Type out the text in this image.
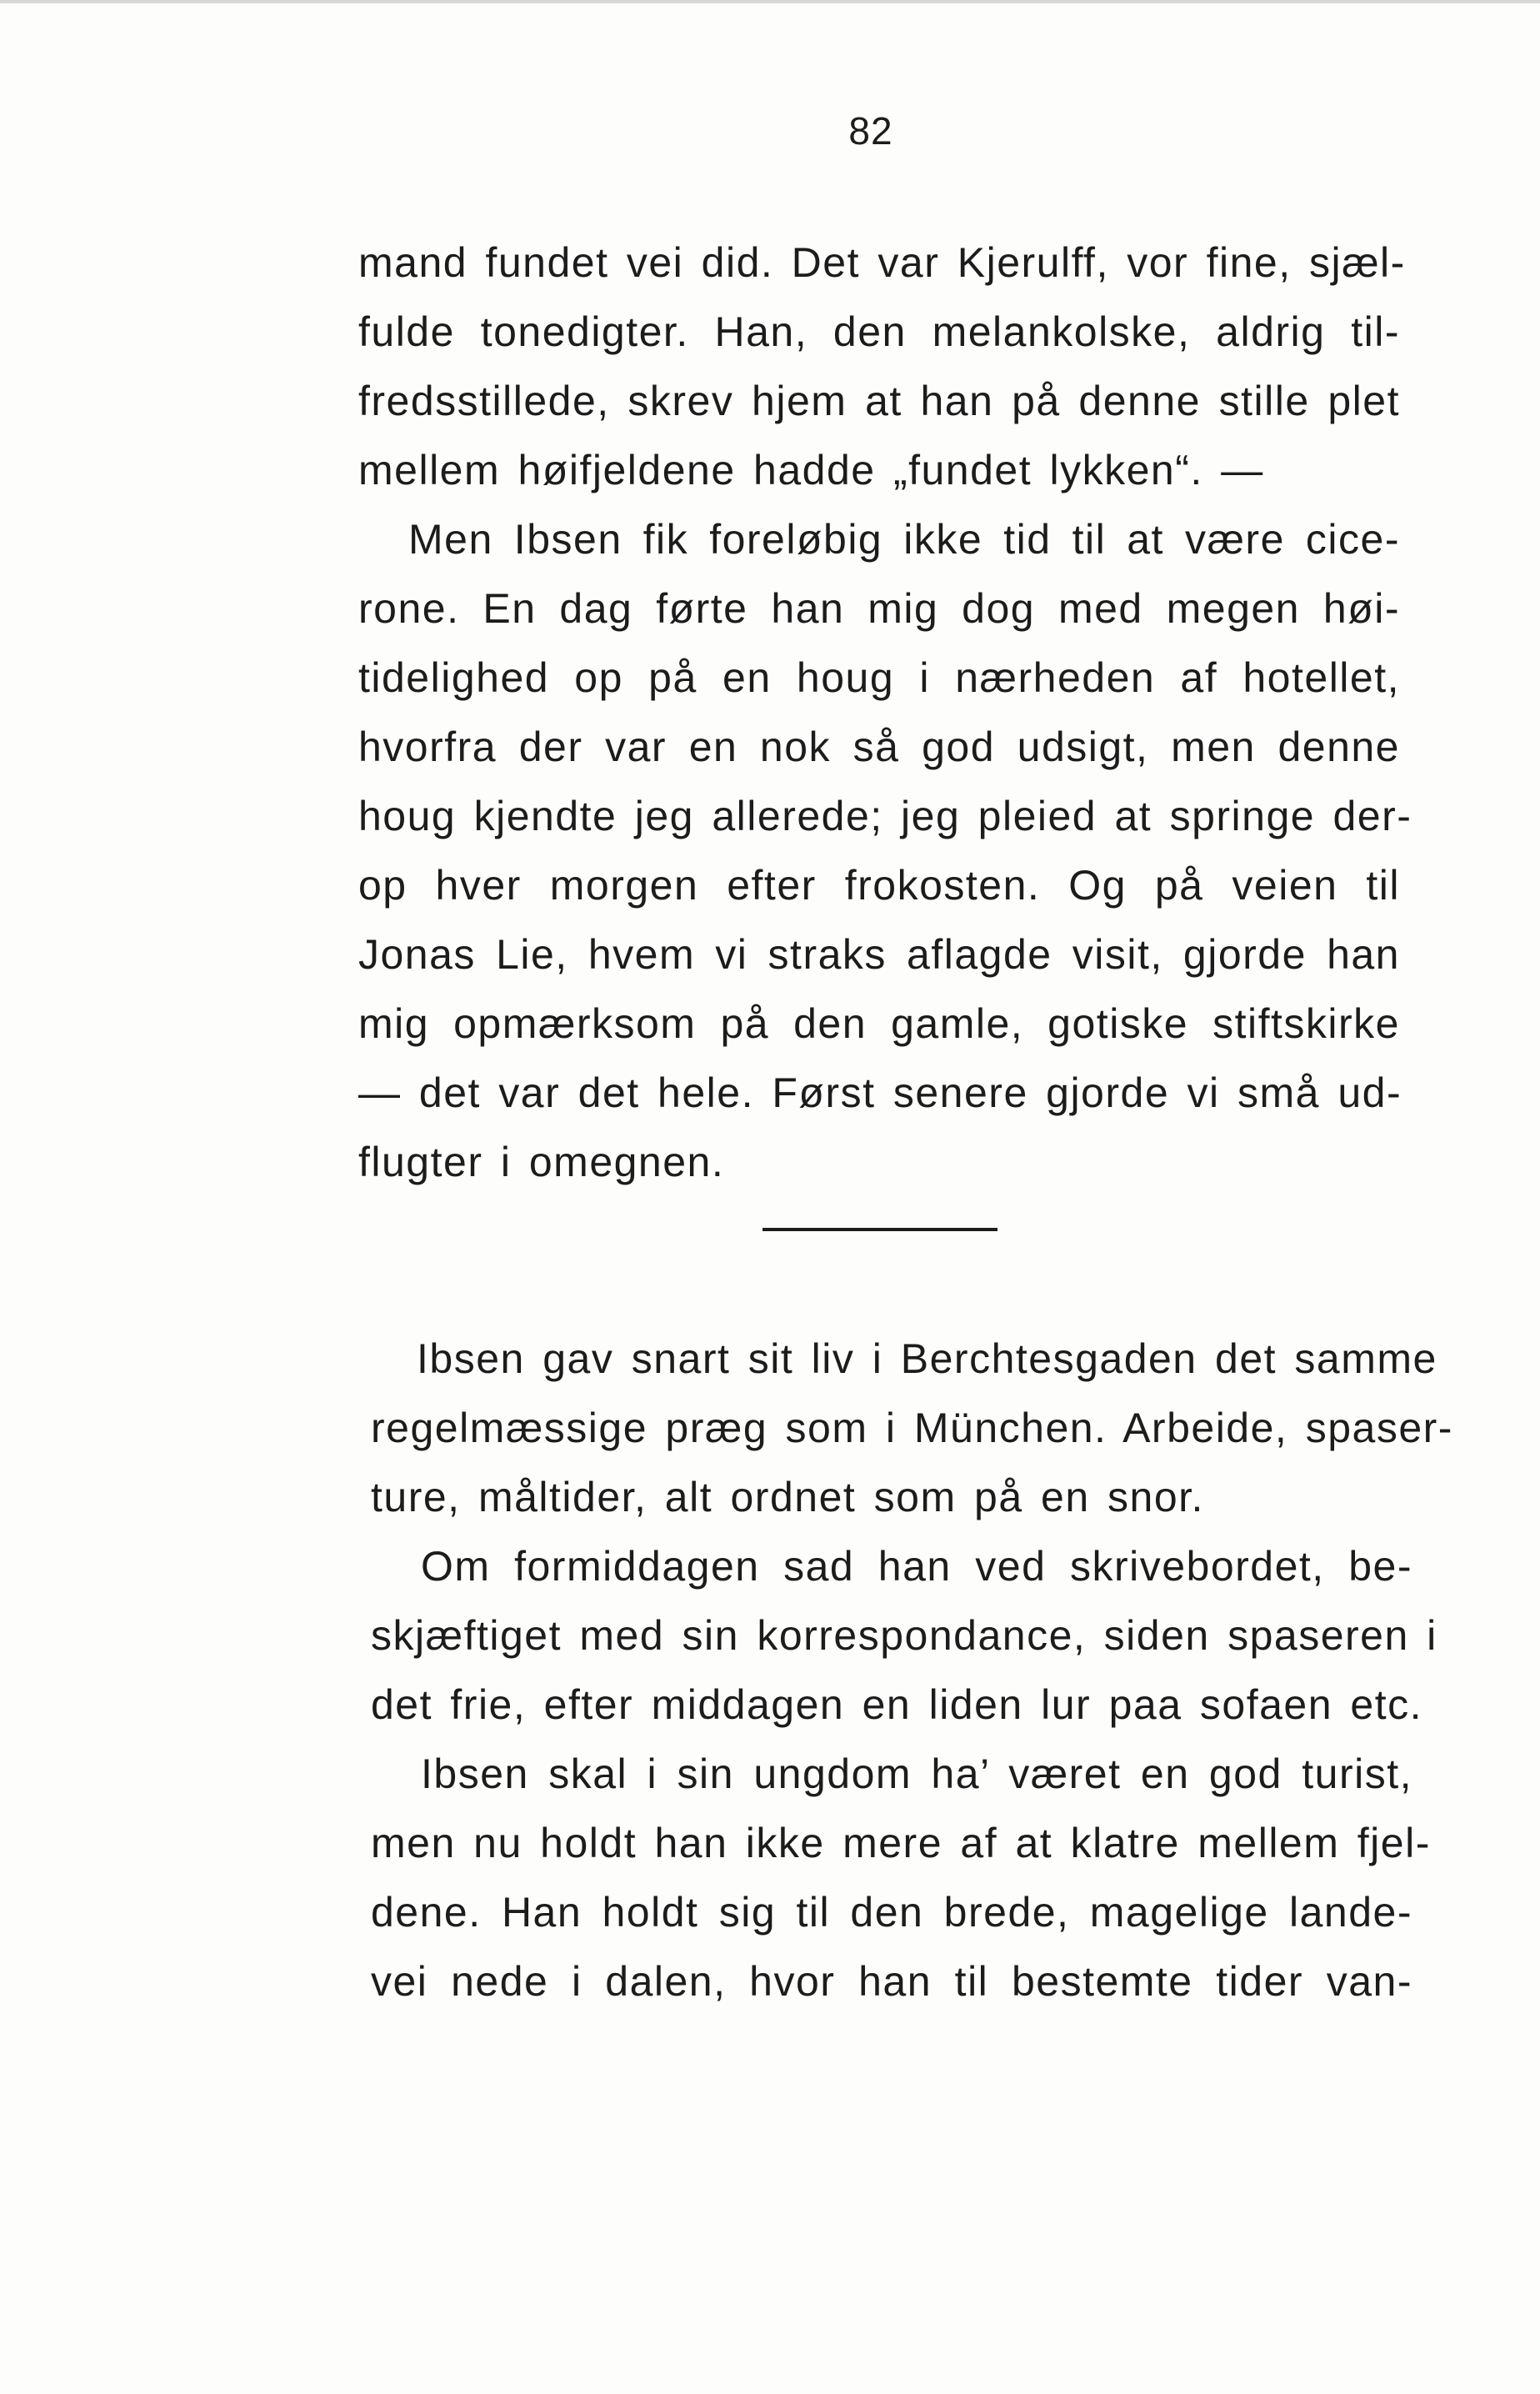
82
mand fundet vei did. Det var Kjerulff, vor fine, sjæl-
fulde tonedigter. Han, den melankolske, aldrig til-
fredsstillede, skrev hjem at han på denne stille plet
mellem høifjeldene hadde „fundet lykken“. —
Men Ibsen fik foreløbig ikke tid til at være cice-
rone. En dag førte han mig dog med megen høi-
tidelighed op på en houg i nærheden af hotellet,
hvorfra der var en nok så god udsigt, men denne
houg kjendte jeg allerede; jeg pleied at springe der-
op hver morgen efter frokosten. Og på veien til
Jonas Lie, hvem vi straks aflagde visit, gjorde han
mig opmærksom på den gamle, gotiske stiftskirke
— det var det hele. Først senere gjorde vi små ud-
flugter i omegnen.
Ibsen gav snart sit liv i Berchtesgaden det samme
regelmæssige præg som i München. Arbeide, spaser-
ture, måltider, alt ordnet som på en snor.
Om formiddagen sad han ved skrivebordet, be-
skjæftiget med sin korrespondance, siden spaseren i
det frie, efter middagen en liden lur paa sofaen etc.
Ibsen skal i sin ungdom ha’ været en god turist,
men nu holdt han ikke mere af at klatre mellem fjel-
dene. Han holdt sig til den brede, magelige lande-
vei nede i dalen, hvor han til bestemte tider van-
